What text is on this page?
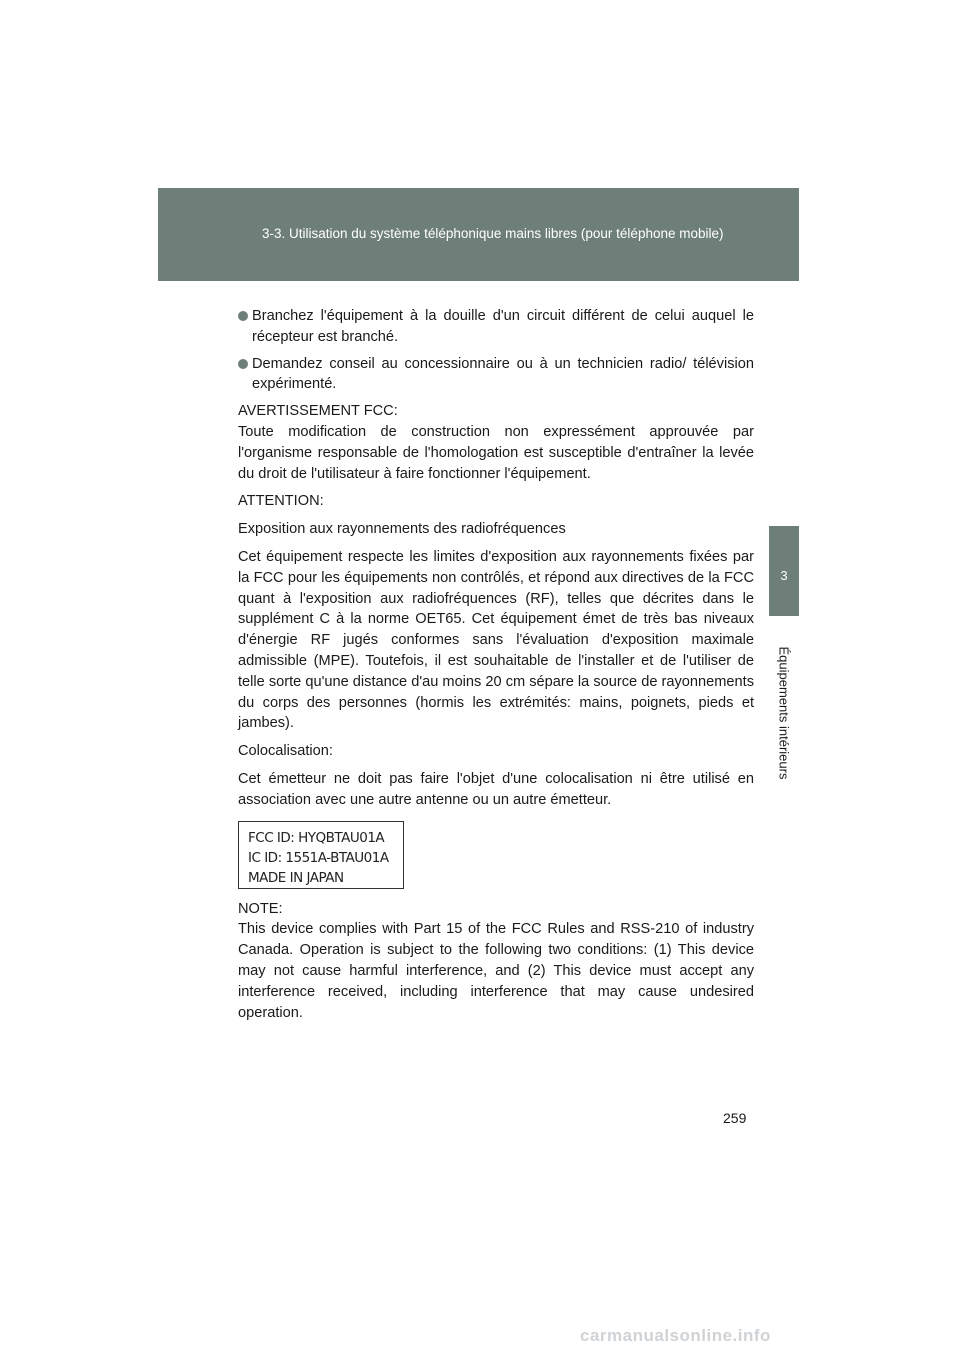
3-3. Utilisation du système téléphonique mains libres (pour téléphone mobile)
3
Équipements intérieurs
Branchez l'équipement à la douille d'un circuit différent de celui auquel le récepteur est branché.
Demandez conseil au concessionnaire ou à un technicien radio/ télévision expérimenté.

AVERTISSEMENT FCC:

Toute modification de construction non expressément approuvée par l'organisme responsable de l'homologation est susceptible d'entraîner la levée du droit de l'utilisateur à faire fonctionner l'équipement.

ATTENTION:

Exposition aux rayonnements des radiofréquences

Cet équipement respecte les limites d'exposition aux rayonnements fixées par la FCC pour les équipements non contrôlés, et répond aux directives de la FCC quant à l'exposition aux radiofréquences (RF), telles que décrites dans le supplément C à la norme OET65. Cet équipement émet de très bas niveaux d'énergie RF jugés conformes sans l'évaluation d'exposition maximale admissible (MPE). Toutefois, il est souhaitable de l'installer et de l'utiliser de telle sorte qu'une distance d'au moins 20 cm sépare la source de rayonnements du corps des personnes (hormis les extrémités: mains, poignets, pieds et jambes).

Colocalisation:

Cet émetteur ne doit pas faire l'objet d'une colocalisation ni être utilisé en association avec une autre antenne ou un autre émetteur.

FCC ID: HYQBTAU01A
IC ID: 1551A-BTAU01A
MADE IN JAPAN

NOTE:

This device complies with Part 15 of the FCC Rules and RSS-210 of industry Canada. Operation is subject to the following two conditions: (1) This device may not cause harmful interference, and (2) This device must accept any interference received, including interference that may cause undesired operation.

259
carmanualsonline.info
